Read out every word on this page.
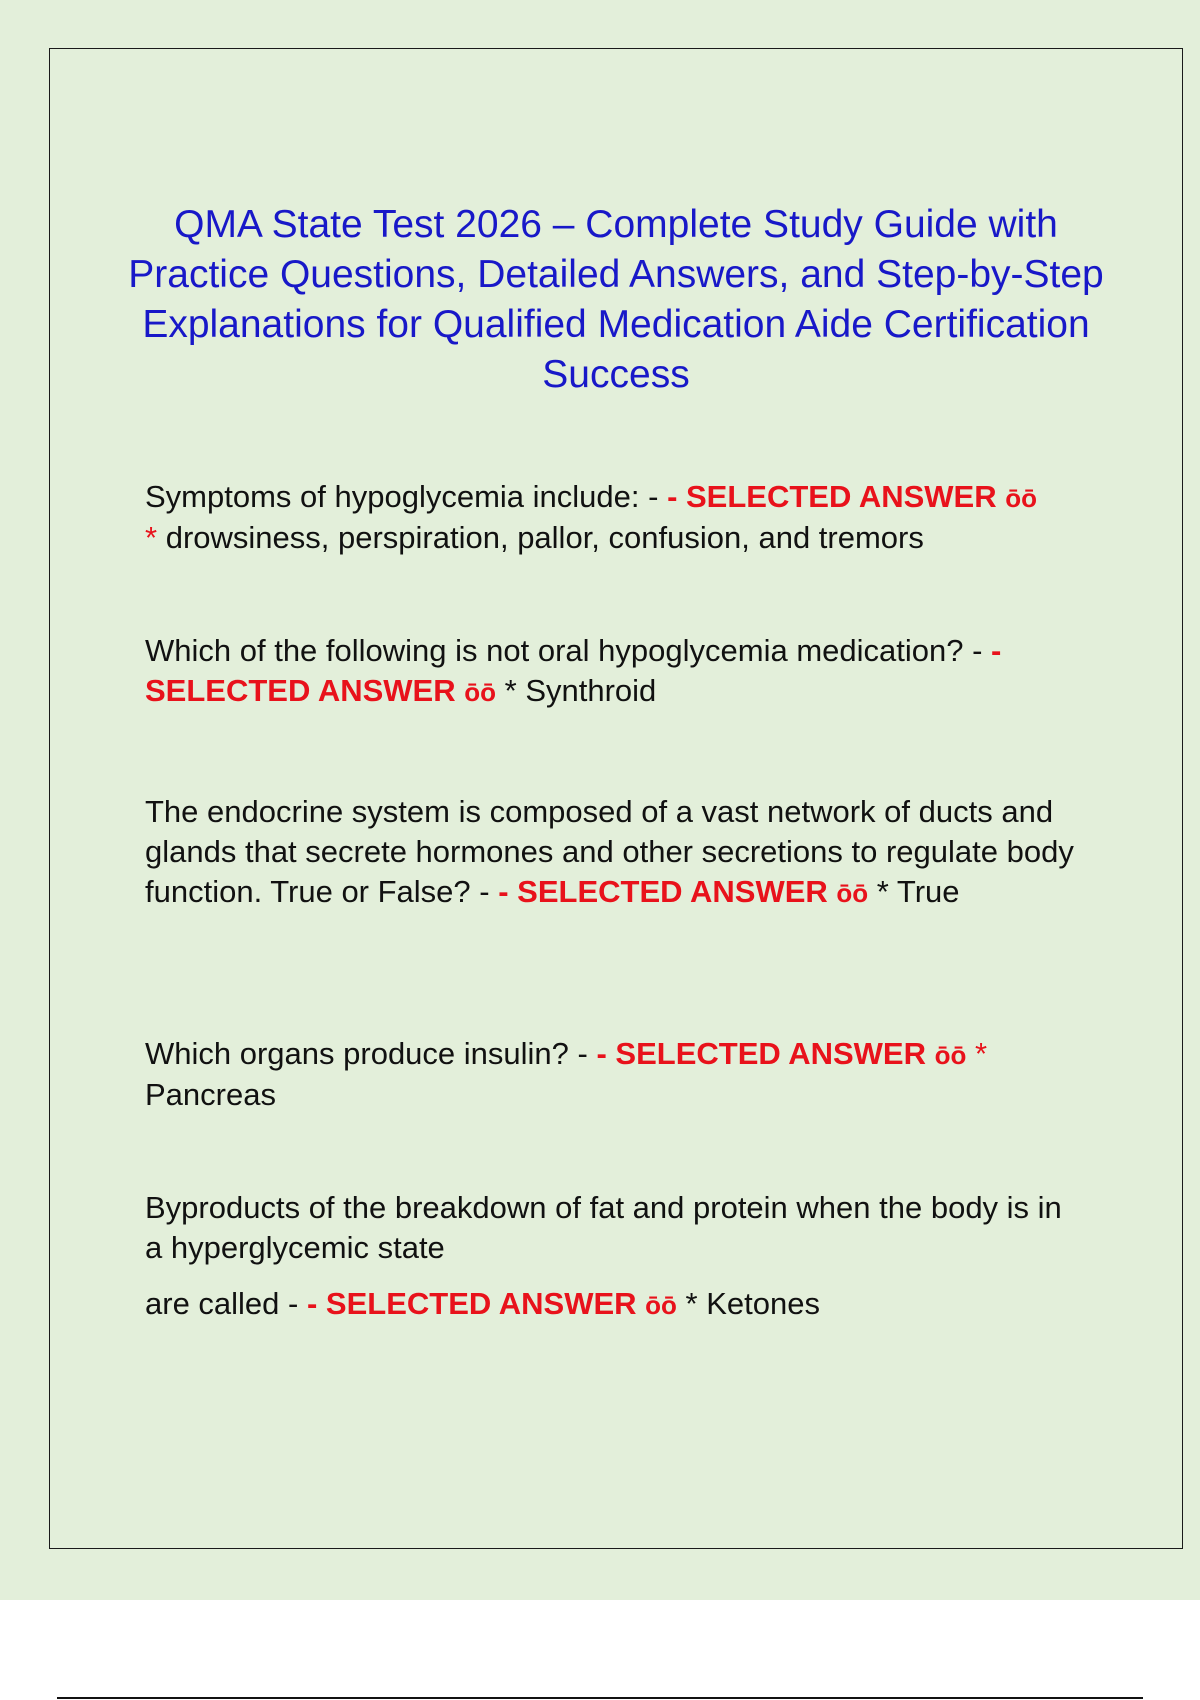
QMA State Test 2026 – Complete Study Guide with Practice Questions, Detailed Answers, and Step-by-Step Explanations for Qualified Medication Aide Certification Success
Symptoms of hypoglycemia include: - - SELECTED ANSWER ōō
* drowsiness, perspiration, pallor, confusion, and tremors
Which of the following is not oral hypoglycemia medication? - - SELECTED ANSWER ōō * Synthroid
The endocrine system is composed of a vast network of ducts and glands that secrete hormones and other secretions to regulate body function. True or False? - - SELECTED ANSWER ōō * True
Which organs produce insulin? - - SELECTED ANSWER ōō *
Pancreas
Byproducts of the breakdown of fat and protein when the body is in a hyperglycemic state
are called - - SELECTED ANSWER ōō * Ketones
